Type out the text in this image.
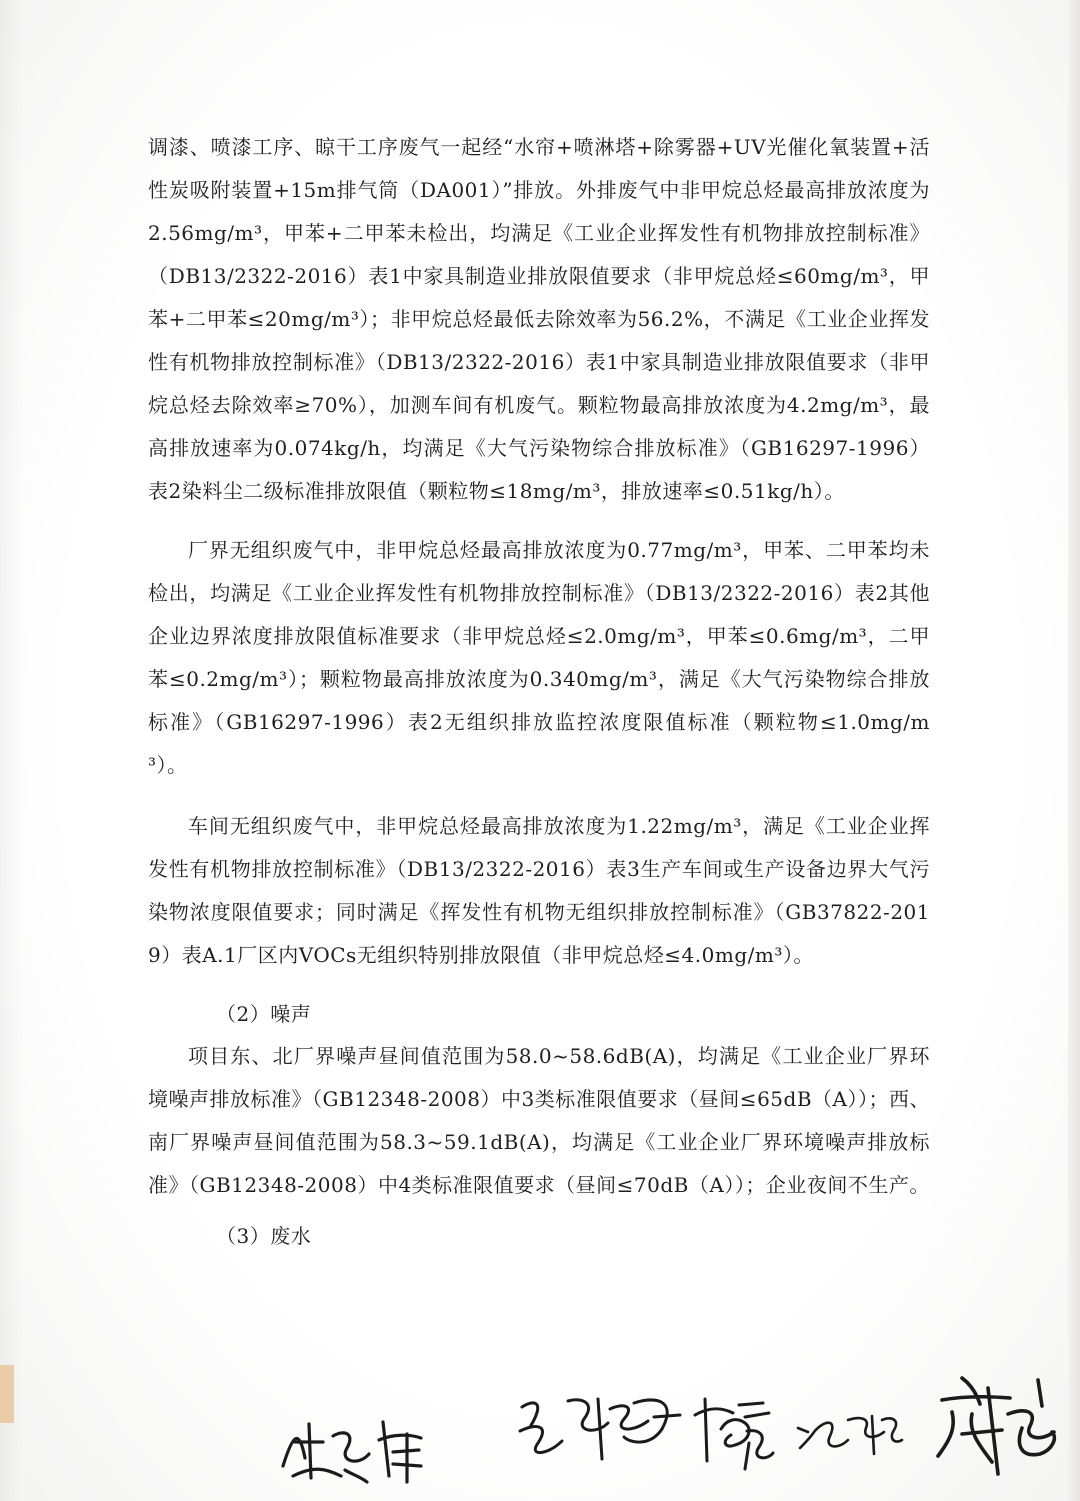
调漆、喷漆工序、晾干工序废气一起经“水帘+喷淋塔+除雾器+UV光催化氧装置+活性炭吸附装置+15m排气筒（DA001）”排放。外排废气中非甲烷总烃最高排放浓度为2.56mg/m³，甲苯+二甲苯未检出，均满足《工业企业挥发性有机物排放控制标准》（DB13/2322-2016）表1中家具制造业排放限值要求（非甲烷总烃≤60mg/m³，甲苯+二甲苯≤20mg/m³）；非甲烷总烃最低去除效率为56.2%，不满足《工业企业挥发性有机物排放控制标准》（DB13/2322-2016）表1中家具制造业排放限值要求（非甲烷总烃去除效率≥70%），加测车间有机废气。颗粒物最高排放浓度为4.2mg/m³，最高排放速率为0.074kg/h，均满足《大气污染物综合排放标准》（GB16297-1996）表2染料尘二级标准排放限值（颗粒物≤18mg/m³，排放速率≤0.51kg/h）。

厂界无组织废气中，非甲烷总烃最高排放浓度为0.77mg/m³，甲苯、二甲苯均未检出，均满足《工业企业挥发性有机物排放控制标准》（DB13/2322-2016）表2其他企业边界浓度排放限值标准要求（非甲烷总烃≤2.0mg/m³，甲苯≤0.6mg/m³，二甲苯≤0.2mg/m³）；颗粒物最高排放浓度为0.340mg/m³，满足《大气污染物综合排放标准》（GB16297-1996）表2无组织排放监控浓度限值标准（颗粒物≤1.0mg/m³）。

车间无组织废气中，非甲烷总烃最高排放浓度为1.22mg/m³，满足《工业企业挥发性有机物排放控制标准》（DB13/2322-2016）表3生产车间或生产设备边界大气污染物浓度限值要求；同时满足《挥发性有机物无组织排放控制标准》（GB37822-2019）表A.1厂区内VOCs无组织特别排放限值（非甲烷总烃≤4.0mg/m³）。

（2）噪声

项目东、北厂界噪声昼间值范围为58.0~58.6dB(A)，均满足《工业企业厂界环境噪声排放标准》（GB12348-2008）中3类标准限值要求（昼间≤65dB（A））；西、南厂界噪声昼间值范围为58.3~59.1dB(A)，均满足《工业企业厂界环境噪声排放标准》（GB12348-2008）中4类标准限值要求（昼间≤70dB（A））；企业夜间不生产。

（3）废水
